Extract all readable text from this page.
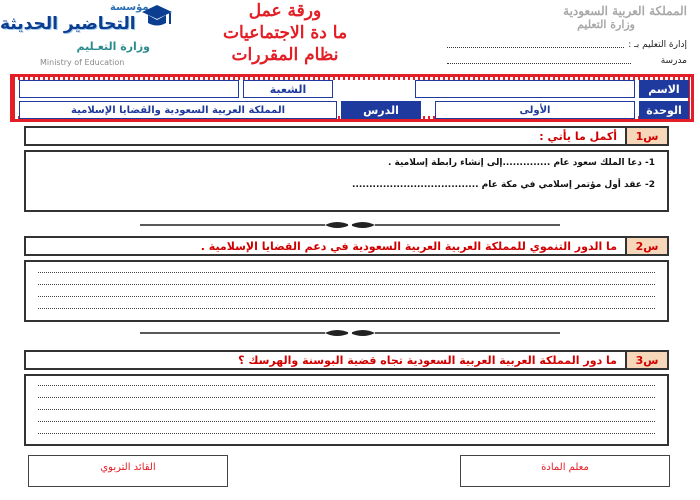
مؤسسة
التحاضير الحديثة
وزارة التعـليم
Ministry of Education
ورقة عمل
ما دة الاجتماعيات
نظام المقررات
المملكة العربية السعودية
وزارة التعليم
إدارة التعليم بـ :
مدرسة
الاسم
الشعبة
الوحدة
الأولى
الدرس
المملكة العربية السعودية والقضايا الإسلامية
س1
أكمل ما يأتي :
1- دعا الملك سعود عام ..............إلى إنشاء رابطة إسلامية .
2- عقد أول مؤتمر إسلامي في مكة عام .....................................
س2
ما الدور التنموي للمملكة العربية العربية السعودية في دعم القضايا الإسلامية .
س3
ما دور المملكة العربية العربية السعودية تجاه قضية البوسنة والهرسك ؟
معلم المادة
القائد التربوي
